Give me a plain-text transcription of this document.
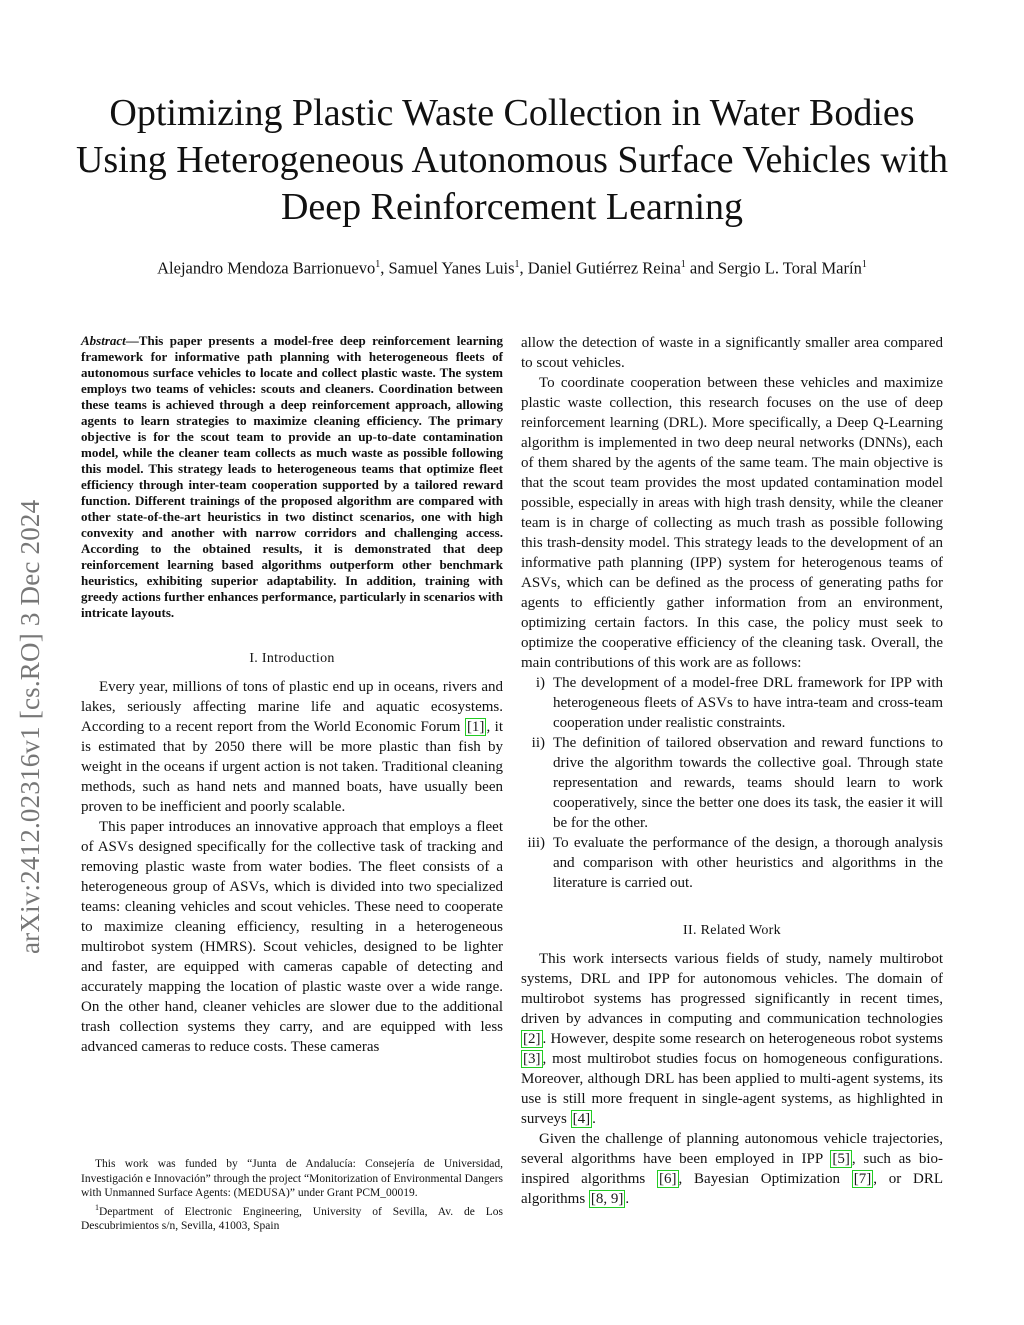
Optimizing Plastic Waste Collection in Water Bodies Using Heterogeneous Autonomous Surface Vehicles with Deep Reinforcement Learning
Alejandro Mendoza Barrionuevo$^1$, Samuel Yanes Luis$^1$, Daniel Gutiérrez Reina$^1$ and Sergio L. Toral Marín$^1$
arXiv:2412.02316v1 [cs.RO] 3 Dec 2024

Abstract—This paper presents a model-free deep reinforcement learning framework for informative path planning with heterogeneous fleets of autonomous surface vehicles to locate and collect plastic waste. The system employs two teams of vehicles: scouts and cleaners. Coordination between these teams is achieved through a deep reinforcement approach, allowing agents to learn strategies to maximize cleaning efficiency. The primary objective is for the scout team to provide an up-to-date contamination model, while the cleaner team collects as much waste as possible following this model. This strategy leads to heterogeneous teams that optimize fleet efficiency through inter-team cooperation supported by a tailored reward function. Different trainings of the proposed algorithm are compared with other state-of-the-art heuristics in two distinct scenarios, one with high convexity and another with narrow corridors and challenging access. According to the obtained results, it is demonstrated that deep reinforcement learning based algorithms outperform other benchmark heuristics, exhibiting superior adaptability. In addition, training with greedy actions further enhances performance, particularly in scenarios with intricate layouts.

I. Introduction

Every year, millions of tons of plastic end up in oceans, rivers and lakes, seriously affecting marine life and aquatic ecosystems. According to a recent report from the World Economic Forum [1] , it is estimated that by 2050 there will be more plastic than fish by weight in the oceans if urgent action is not taken. Traditional cleaning methods, such as hand nets and manned boats, have usually been proven to be inefficient and poorly scalable.

This paper introduces an innovative approach that employs a fleet of ASVs designed specifically for the collective task of tracking and removing plastic waste from water bodies. The fleet consists of a heterogeneous group of ASVs, which is divided into two specialized teams: cleaning vehicles and scout vehicles. These need to cooperate to maximize cleaning efficiency, resulting in a heterogeneous multirobot system (HMRS). Scout vehicles, designed to be lighter and faster, are equipped with cameras capable of detecting and accurately mapping the location of plastic waste over a wide range. On the other hand, cleaner vehicles are slower due to the additional trash collection systems they carry, and are equipped with less advanced cameras to reduce costs. These cameras

allow the detection of waste in a significantly smaller area compared to scout vehicles.

To coordinate cooperation between these vehicles and maximize plastic waste collection, this research focuses on the use of deep reinforcement learning (DRL). More specifically, a Deep Q-Learning algorithm is implemented in two deep neural networks (DNNs), each of them shared by the agents of the same team. The main objective is that the scout team provides the most updated contamination model possible, especially in areas with high trash density, while the cleaner team is in charge of collecting as much trash as possible following this trash-density model. This strategy leads to the development of an informative path planning (IPP) system for heterogenous teams of ASVs, which can be defined as the process of generating paths for agents to efficiently gather information from an environment, optimizing certain factors. In this case, the policy must seek to optimize the cooperative efficiency of the cleaning task. Overall, the main contributions of this work are as follows:

i) The development of a model-free DRL framework for IPP with heterogeneous fleets of ASVs to have intra-team and cross-team cooperation under realistic constraints.
ii) The definition of tailored observation and reward functions to drive the algorithm towards the collective goal. Through state representation and rewards, teams should learn to work cooperatively, since the better one does its task, the easier it will be for the other.
iii) To evaluate the performance of the design, a thorough analysis and comparison with other heuristics and algorithms in the literature is carried out.
II. Related Work

This work intersects various fields of study, namely multirobot systems, DRL and IPP for autonomous vehicles. The domain of multirobot systems has progressed significantly in recent times, driven by advances in computing and communication technologies [2] . However, despite some research on heterogeneous robot systems [3] , most multirobot studies focus on homogeneous configurations. Moreover, although DRL has been applied to multi-agent systems, its use is still more frequent in single-agent systems, as highlighted in surveys [4] .

Given the challenge of planning autonomous vehicle trajectories, several algorithms have been employed in IPP [5] , such as bio-inspired algorithms [6] , Bayesian Optimization [7] , or DRL algorithms [8, 9] .

This work was funded by “Junta de Andalucía: Consejería de Universidad, Investigación e Innovación” through the project “Monitorization of Environmental Dangers with Unmanned Surface Agents: (MEDUSA)” under Grant PCM_00019.

$^1$Department of Electronic Engineering, University of Sevilla, Av. de Los Descubrimientos s/n, Sevilla, 41003, Spain
